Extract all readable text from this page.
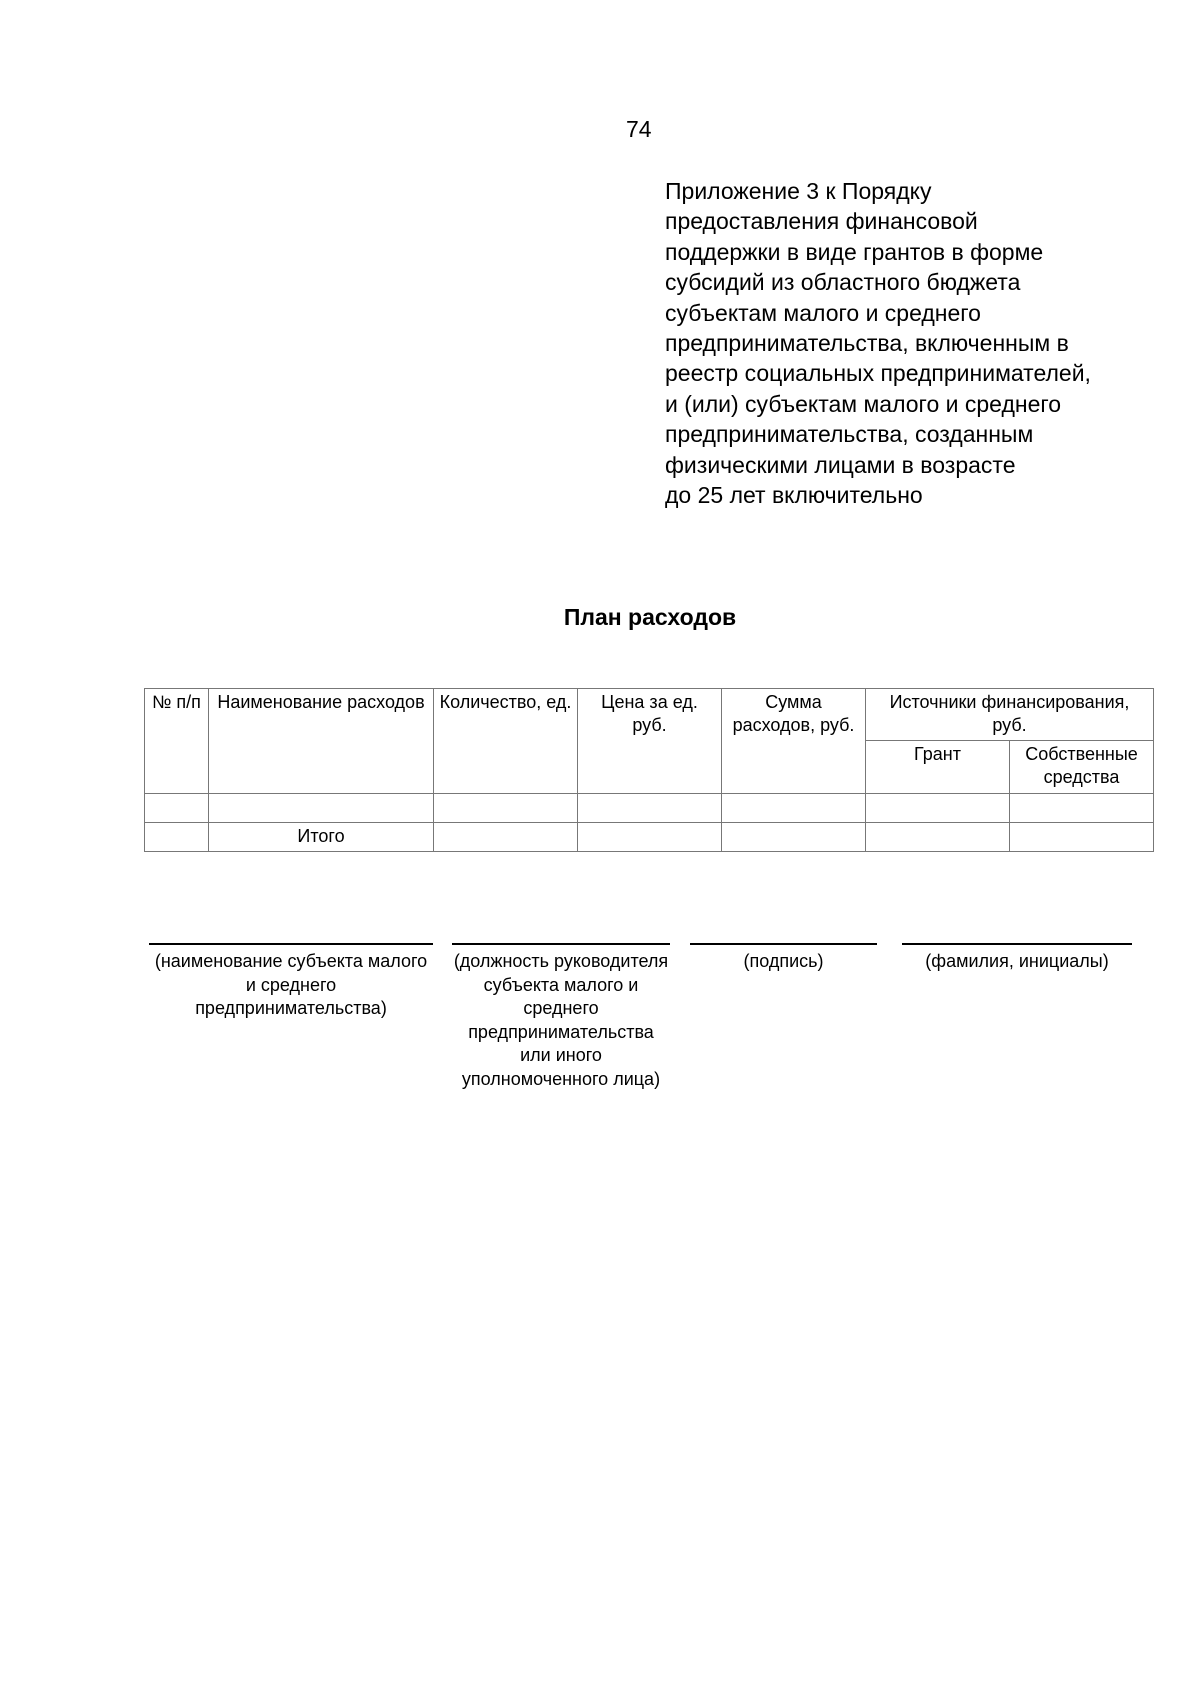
74
Приложение 3 к Порядку
предоставления финансовой
поддержки в виде грантов в форме
субсидий из областного бюджета
субъектам малого и среднего
предпринимательства, включенным в
реестр социальных предпринимателей,
и (или) субъектам малого и среднего
предпринимательства, созданным
физическими лицами в возрасте
до 25 лет включительно
План расходов
№ п/п	Наименование расходов	Количество, ед.	Цена за ед. руб.	Сумма расходов, руб.	Источники финансирования, руб.	
					Грант	Собственные средства

	Итого					
(наименование субъекта малого и среднего предпринимательства)
(должность руководителя субъекта малого и среднего предпринимательства или иного уполномоченного лица)
(подпись)	(фамилия, инициалы)
